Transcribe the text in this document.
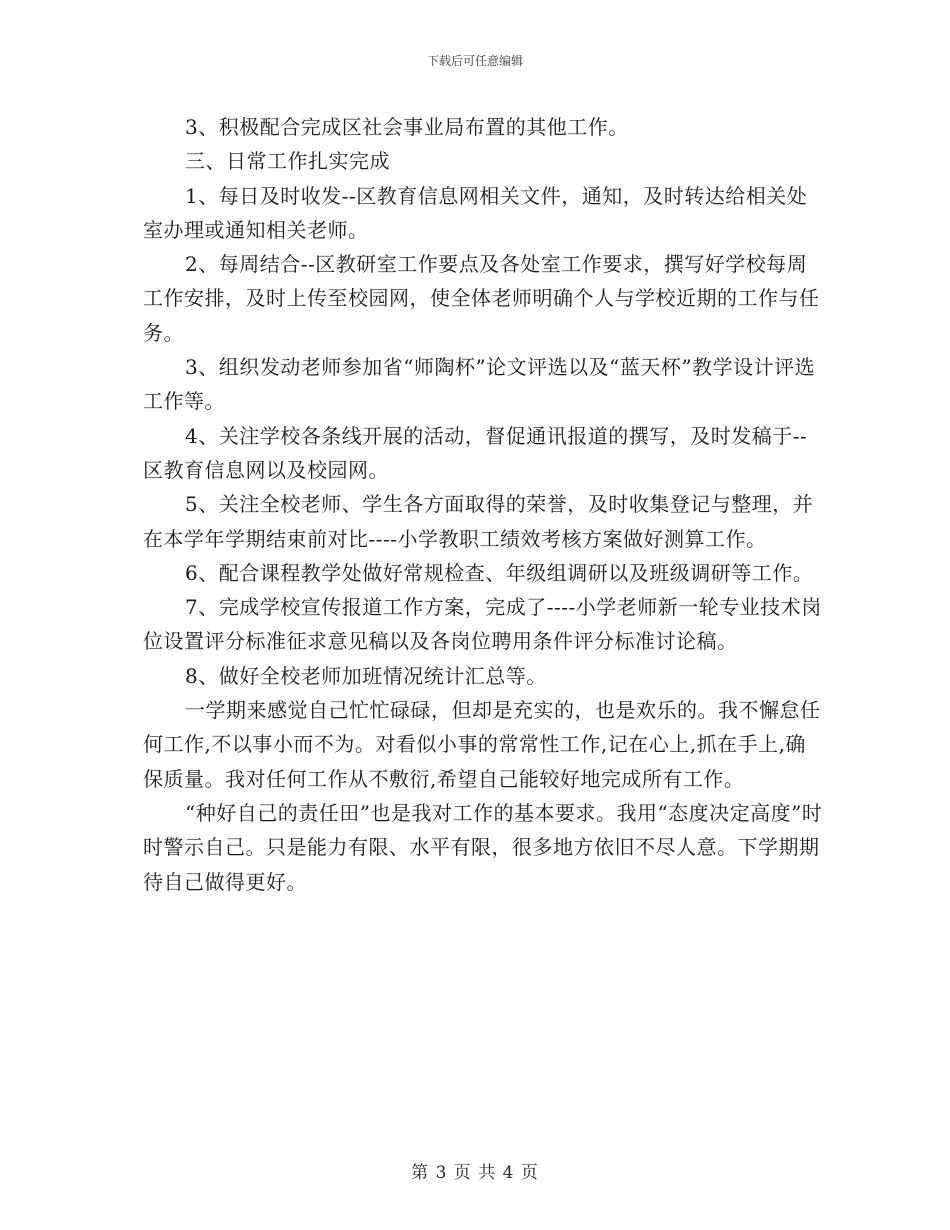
下载后可任意编辑

3、积极配合完成区社会事业局布置的其他工作。

三、日常工作扎实完成

1、每日及时收发--区教育信息网相关文件，通知，及时转达给相关处室办理或通知相关老师。

2、每周结合--区教研室工作要点及各处室工作要求，撰写好学校每周工作安排，及时上传至校园网，使全体老师明确个人与学校近期的工作与任务。

3、组织发动老师参加省“师陶杯”论文评选以及“蓝天杯”教学设计评选工作等。

4、关注学校各条线开展的活动，督促通讯报道的撰写，及时发稿于--区教育信息网以及校园网。

5、关注全校老师、学生各方面取得的荣誉，及时收集登记与整理，并在本学年学期结束前对比----小学教职工绩效考核方案做好测算工作。

6、配合课程教学处做好常规检查、年级组调研以及班级调研等工作。

7、完成学校宣传报道工作方案，完成了----小学老师新一轮专业技术岗位设置评分标准征求意见稿以及各岗位聘用条件评分标准讨论稿。

8、做好全校老师加班情况统计汇总等。

一学期来感觉自己忙忙碌碌，但却是充实的，也是欢乐的。我不懈怠任何工作,不以事小而不为。对看似小事的常常性工作,记在心上,抓在手上,确保质量。我对任何工作从不敷衍,希望自己能较好地完成所有工作。

“种好自己的责任田”也是我对工作的基本要求。我用“态度决定高度”时时警示自己。只是能力有限、水平有限，很多地方依旧不尽人意。下学期期待自己做得更好。

第 3 页 共 4 页
